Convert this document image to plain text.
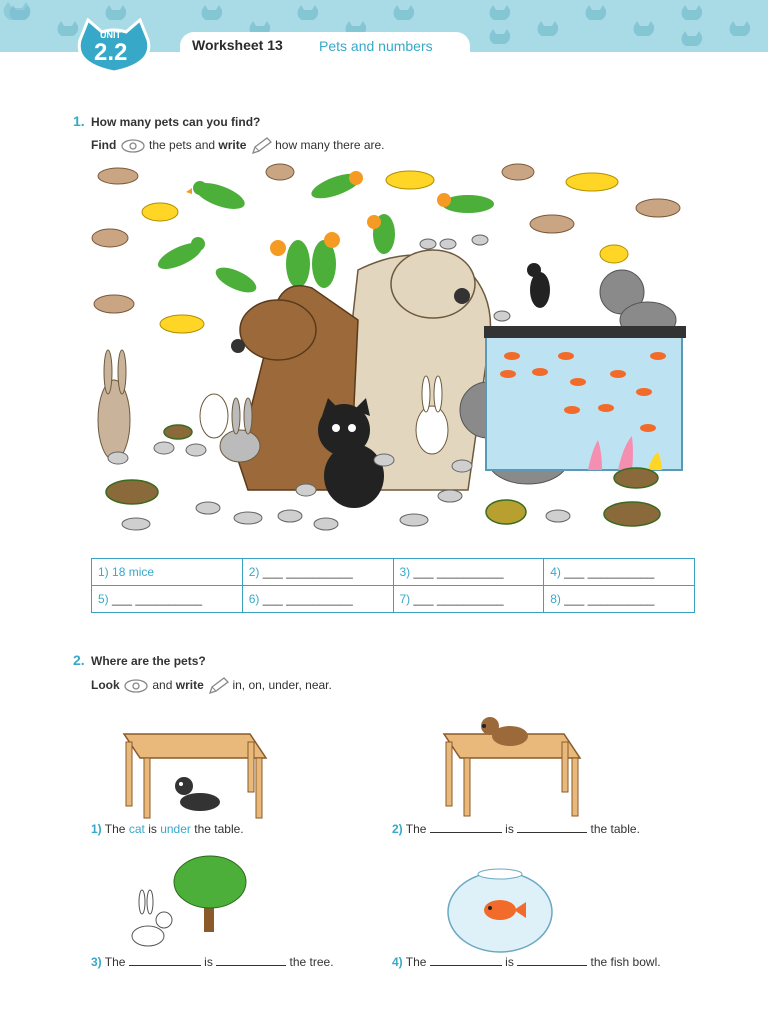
UNIT
2.2	Worksheet 13	Pets and numbers
1. How many pets can you find?
Find	the pets and write how many there are.
1) 18 mice	2) ___ __________	3) ___ __________	4) ___ __________
5) ___ __________	6) ___ __________	7) ___ __________	8) ___ __________
2. Where are the pets?
Look	and write in, on, under, near.
1) The cat is under the table.	2) The	is	the table.
3) The	is	the tree.	4) The	is	the fish bowl.
